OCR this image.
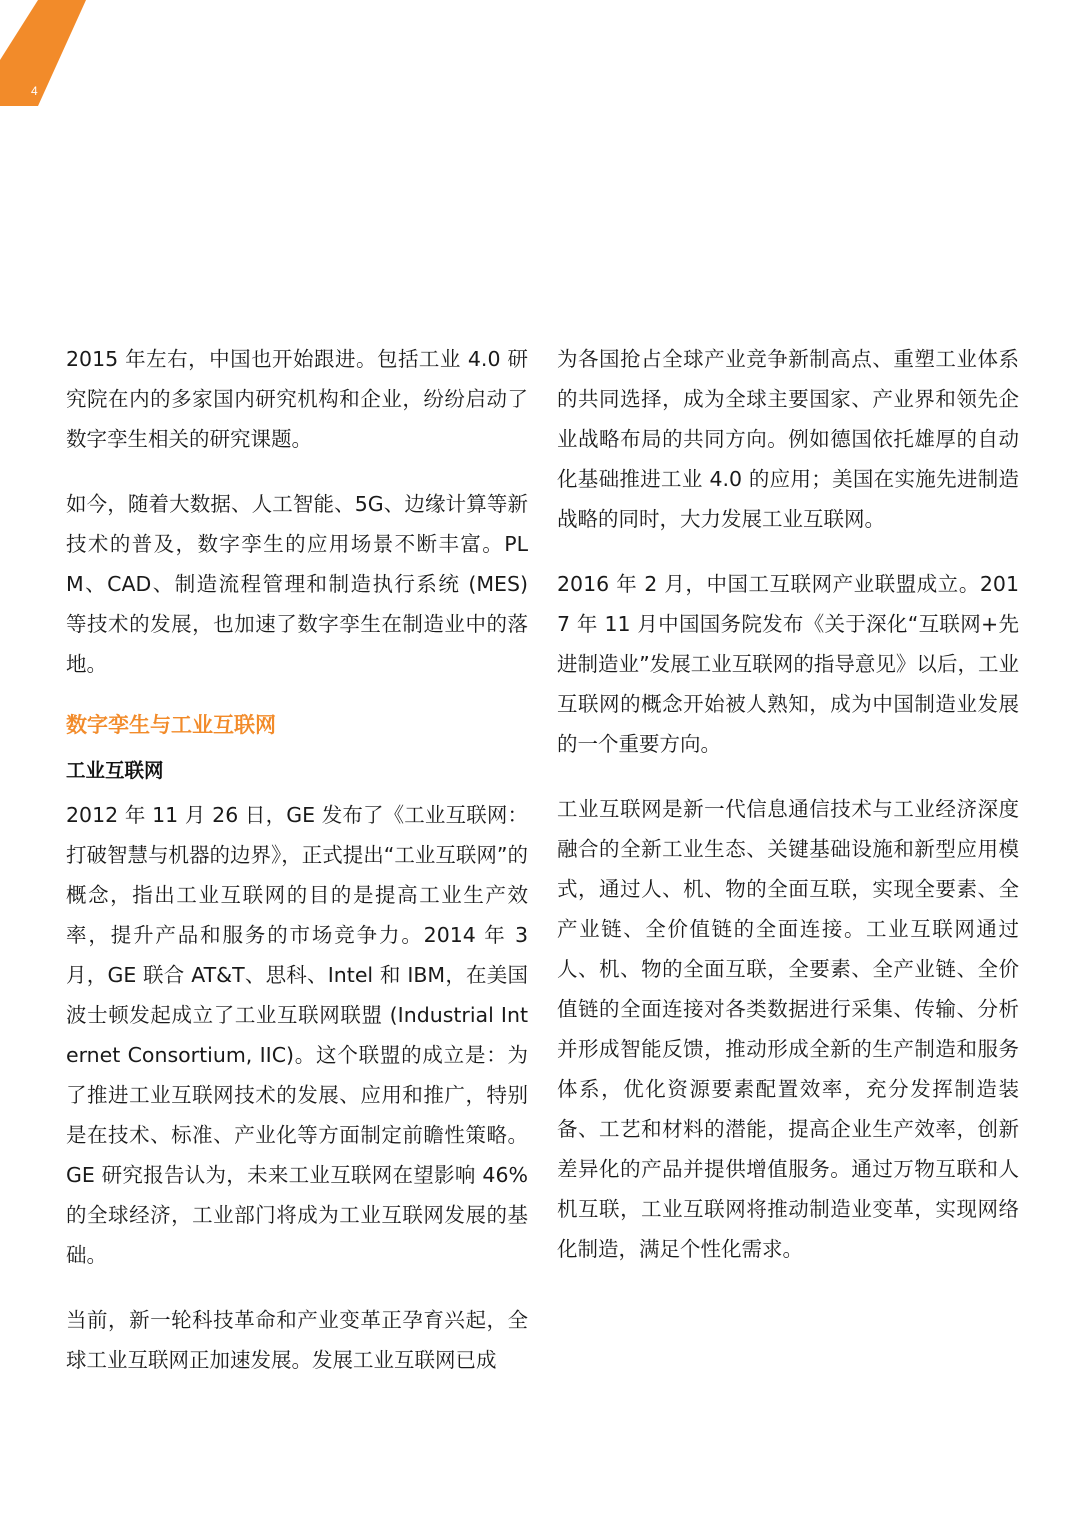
4

2015 年左右，中国也开始跟进。包括工业 4.0 研究院在内的多家国内研究机构和企业，纷纷启动了数字孪生相关的研究课题。

如今，随着大数据、人工智能、5G、边缘计算等新技术的普及，数字孪生的应用场景不断丰富。PLM、CAD、制造流程管理和制造执行系统 (MES) 等技术的发展，也加速了数字孪生在制造业中的落地。

数字孪生与工业互联网
工业互联网

2012 年 11 月 26 日，GE 发布了《工业互联网：打破智慧与机器的边界》，正式提出“工业互联网”的概念，指出工业互联网的目的是提高工业生产效率，提升产品和服务的市场竞争力。2014 年 3 月，GE 联合 AT&T、思科、Intel 和 IBM，在美国波士顿发起成立了工业互联网联盟 (Industrial Internet Consortium, IIC)。这个联盟的成立是：为了推进工业互联网技术的发展、应用和推广，特别是在技术、标准、产业化等方面制定前瞻性策略。GE 研究报告认为，未来工业互联网在望影响 46%的全球经济，工业部门将成为工业互联网发展的基础。

当前，新一轮科技革命和产业变革正孕育兴起，全球工业互联网正加速发展。发展工业互联网已成

为各国抢占全球产业竞争新制高点、重塑工业体系的共同选择，成为全球主要国家、产业界和领先企业战略布局的共同方向。例如德国依托雄厚的自动化基础推进工业 4.0 的应用；美国在实施先进制造战略的同时，大力发展工业互联网。

2016 年 2 月，中国工互联网产业联盟成立。2017 年 11 月中国国务院发布《关于深化“互联网+先进制造业”发展工业互联网的指导意见》以后，工业互联网的概念开始被人熟知，成为中国制造业发展的一个重要方向。

工业互联网是新一代信息通信技术与工业经济深度融合的全新工业生态、关键基础设施和新型应用模式，通过人、机、物的全面互联，实现全要素、全产业链、全价值链的全面连接。工业互联网通过人、机、物的全面互联，全要素、全产业链、全价值链的全面连接对各类数据进行采集、传输、分析并形成智能反馈，推动形成全新的生产制造和服务体系，优化资源要素配置效率，充分发挥制造装备、工艺和材料的潜能，提高企业生产效率，创新差异化的产品并提供增值服务。通过万物互联和人机互联，工业互联网将推动制造业变革，实现网络化制造，满足个性化需求。
